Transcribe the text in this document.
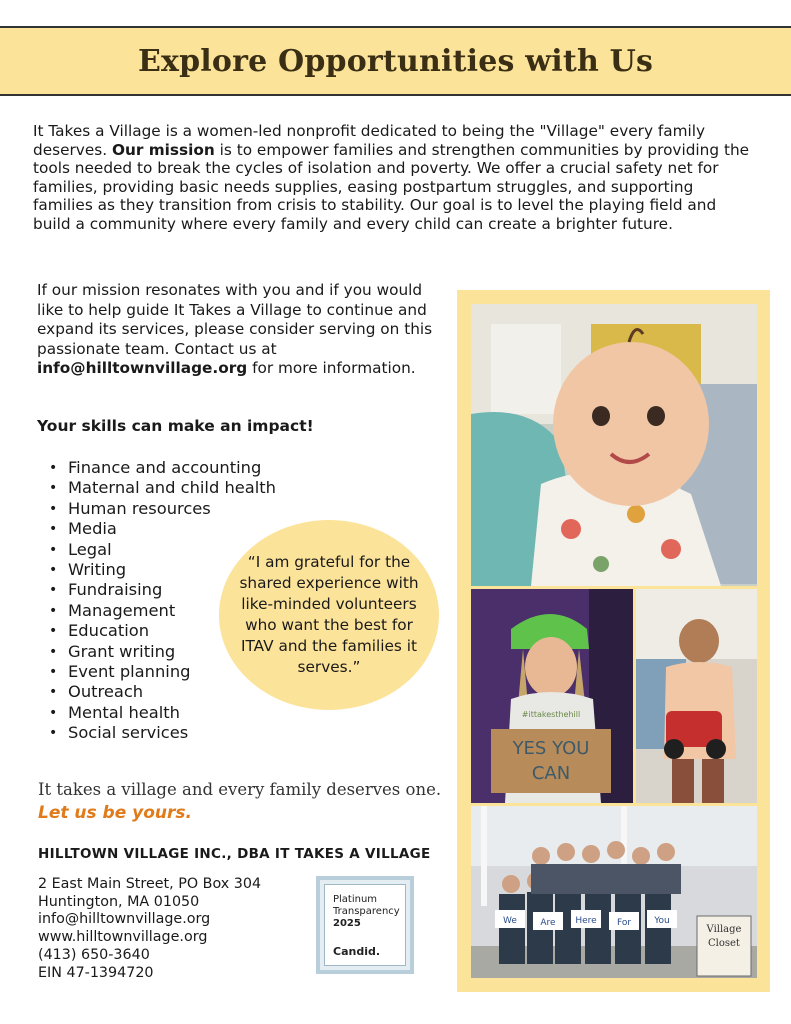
Explore Opportunities with Us

It Takes a Village is a women-led nonprofit dedicated to being the "Village" every family deserves. Our mission is to empower families and strengthen communities by providing the tools needed to break the cycles of isolation and poverty. We offer a crucial safety net for families, providing basic needs supplies, easing postpartum struggles, and supporting families as they transition from crisis to stability. Our goal is to level the playing field and build a community where every family and every child can create a brighter future.

If our mission resonates with you and if you would like to help guide It Takes a Village to continue and expand its services, please consider serving on this passionate team. Contact us at info@hilltownvillage.org for more information.

Your skills can make an impact!

• Finance and accounting
• Maternal and child health
• Human resources
• Media
• Legal
• Writing
• Fundraising
• Management
• Education
• Grant writing
• Event planning
• Outreach
• Mental health
• Social services

“I am grateful for the shared experience with like-minded volunteers who want the best for ITAV and the families it serves.”

It takes a village and every family deserves one.

Let us be yours.

HILLTOWN VILLAGE INC., DBA IT TAKES A VILLAGE

2 East Main Street, PO Box 304
Huntington, MA 01050
info@hilltownvillage.org
www.hilltownvillage.org
(413) 650-3640
EIN 47-1394720
Platinum
Transparency
2025
Candid.
YES YOU
CAN
#ittakesthehill
We	Are Here For	You
Village
Closet
